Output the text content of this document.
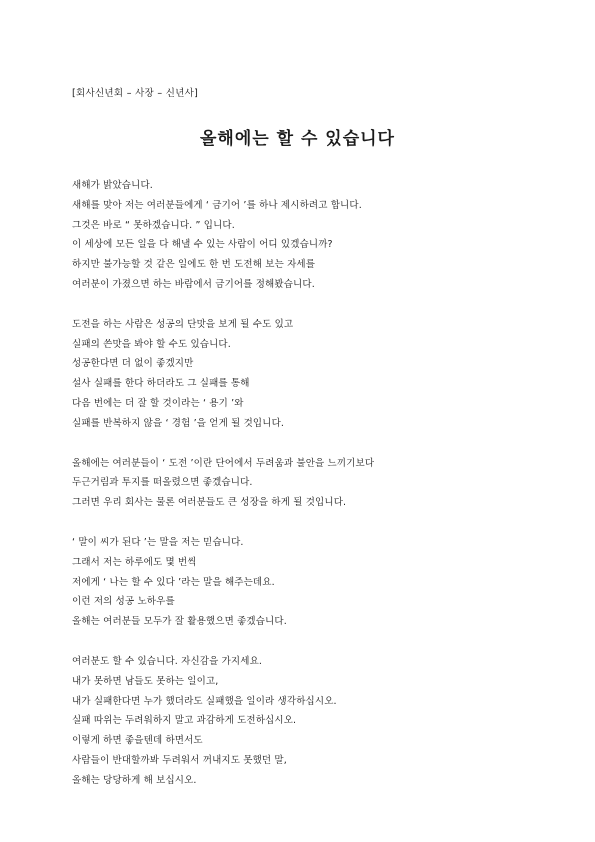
[회사신년회 – 사장 – 신년사]
올해에는 할 수 있습니다
새해가 밝았습니다.
새해를 맞아 저는 여러분들에게 ‘ 금기어 ’를 하나 제시하려고 합니다.
그것은 바로 “ 못하겠습니다. ” 입니다.
이 세상에 모든 일을 다 해낼 수 있는 사람이 어디 있겠습니까?
하지만 불가능할 것 같은 일에도 한 번 도전해 보는 자세를
여러분이 가졌으면 하는 바람에서 금기어를 정해봤습니다.
도전을 하는 사람은 성공의 단맛을 보게 될 수도 있고
실패의 쓴맛을 봐야 할 수도 있습니다.
성공한다면 더 없이 좋겠지만
설사 실패를 한다 하더라도 그 실패를 통해
다음 번에는 더 잘 할 것이라는 ‘ 용기 ’와
실패를 반복하지 않을 ‘ 경험 ’을 얻게 될 것입니다.
올해에는 여러분들이 ‘ 도전 ’이란 단어에서 두려움과 불안을 느끼기보다
두근거림과 투지를 떠올렸으면 좋겠습니다.
그러면 우리 회사는 물론 여러분들도 큰 성장을 하게 될 것입니다.
‘ 말이 씨가 된다 ’는 말을 저는 믿습니다.
그래서 저는 하루에도 몇 번씩
저에게 ‘ 나는 할 수 있다 ’라는 말을 해주는데요.
이런 저의 성공 노하우를
올해는 여러분들 모두가 잘 활용했으면 좋겠습니다.
여러분도 할 수 있습니다. 자신감을 가지세요.
내가 못하면 남들도 못하는 일이고,
내가 실패한다면 누가 했더라도 실패했을 일이라 생각하십시오.
실패 따위는 두려워하지 말고 과감하게 도전하십시오.
이렇게 하면 좋을텐데 하면서도
사람들이 반대할까봐 두려워서 꺼내지도 못했던 말,
올해는 당당하게 해 보십시오.
